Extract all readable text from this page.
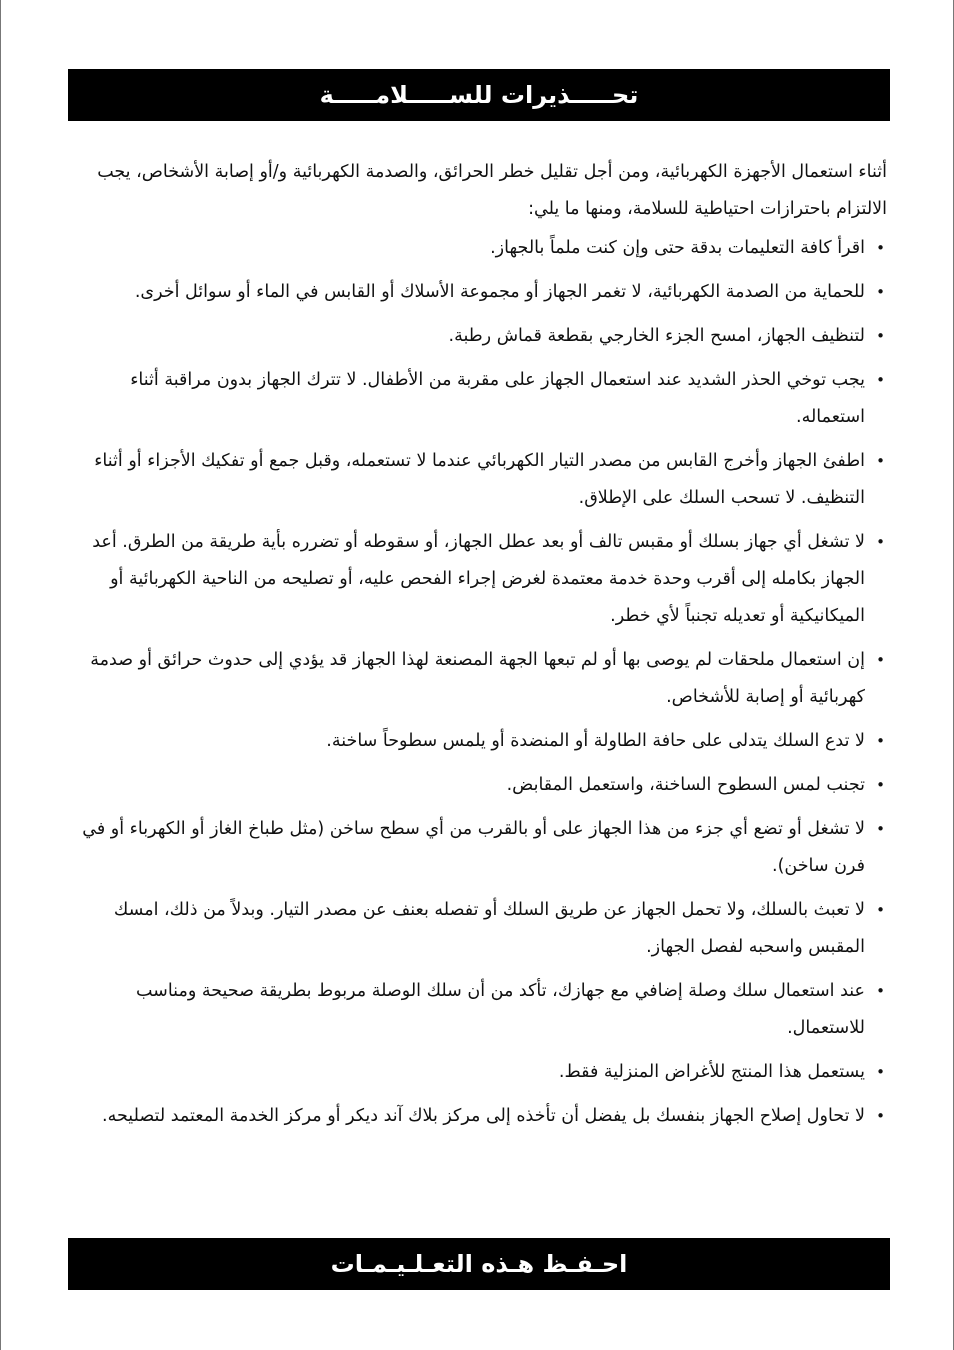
تحـــــذيرات للســـــلامـــــة

أثناء استعمال الأجهزة الكهربائية، ومن أجل تقليل خطر الحرائق، والصدمة الكهربائية و/أو إصابة الأشخاص، يجب الالتزام باحترازات احتياطية للسلامة، ومنها ما يلي:

•
اقرأ كافة التعليمات بدقة حتى وإن كنت ملماً بالجهاز.
•
للحماية من الصدمة الكهربائية، لا تغمر الجهاز أو مجموعة الأسلاك أو القابس في الماء أو سوائل أخرى.
•
لتنظيف الجهاز، امسح الجزء الخارجي بقطعة قماش رطبة.
•
يجب توخي الحذر الشديد عند استعمال الجهاز على مقربة من الأطفال. لا تترك الجهاز بدون مراقبة أثناء استعماله.
•
اطفئ الجهاز وأخرج القابس من مصدر التيار الكهربائي عندما لا تستعمله، وقبل جمع أو تفكيك الأجزاء أو أثناء التنظيف. لا تسحب السلك على الإطلاق.
•
لا تشغل أي جهاز بسلك أو مقبس تالف أو بعد عطل الجهاز، أو سقوطه أو تضرره بأية طريقة من الطرق. أعد الجهاز بكامله إلى أقرب وحدة خدمة معتمدة لغرض إجراء الفحص عليه، أو تصليحه من الناحية الكهربائية أو الميكانيكية أو تعديله تجنباً لأي خطر.
•
إن استعمال ملحقات لم يوصى بها أو لم تبعها الجهة المصنعة لهذا الجهاز قد يؤدي إلى حدوث حرائق أو صدمة كهربائية أو إصابة للأشخاص.
•
لا تدع السلك يتدلى على حافة الطاولة أو المنضدة أو يلمس سطوحاً ساخنة.
•
تجنب لمس السطوح الساخنة، واستعمل المقابض.
•
لا تشغل أو تضع أي جزء من هذا الجهاز على أو بالقرب من أي سطح ساخن (مثل طباخ الغاز أو الكهرباء أو في فرن ساخن).
•
لا تعبث بالسلك، ولا تحمل الجهاز عن طريق السلك أو تفصله بعنف عن مصدر التيار. وبدلاً من ذلك، امسك المقبس واسحبه لفصل الجهاز.
•
عند استعمال سلك وصلة إضافي مع جهازك، تأكد من أن سلك الوصلة مربوط بطريقة صحيحة ومناسب للاستعمال.
•
يستعمل هذا المنتج للأغراض المنزلية فقط.
•
لا تحاول إصلاح الجهاز بنفسك بل يفضل أن تأخذه إلى مركز بلاك آند ديكر أو مركز الخدمة المعتمد لتصليحه.
احـفـظ هـذه التعـلـيـمـات
